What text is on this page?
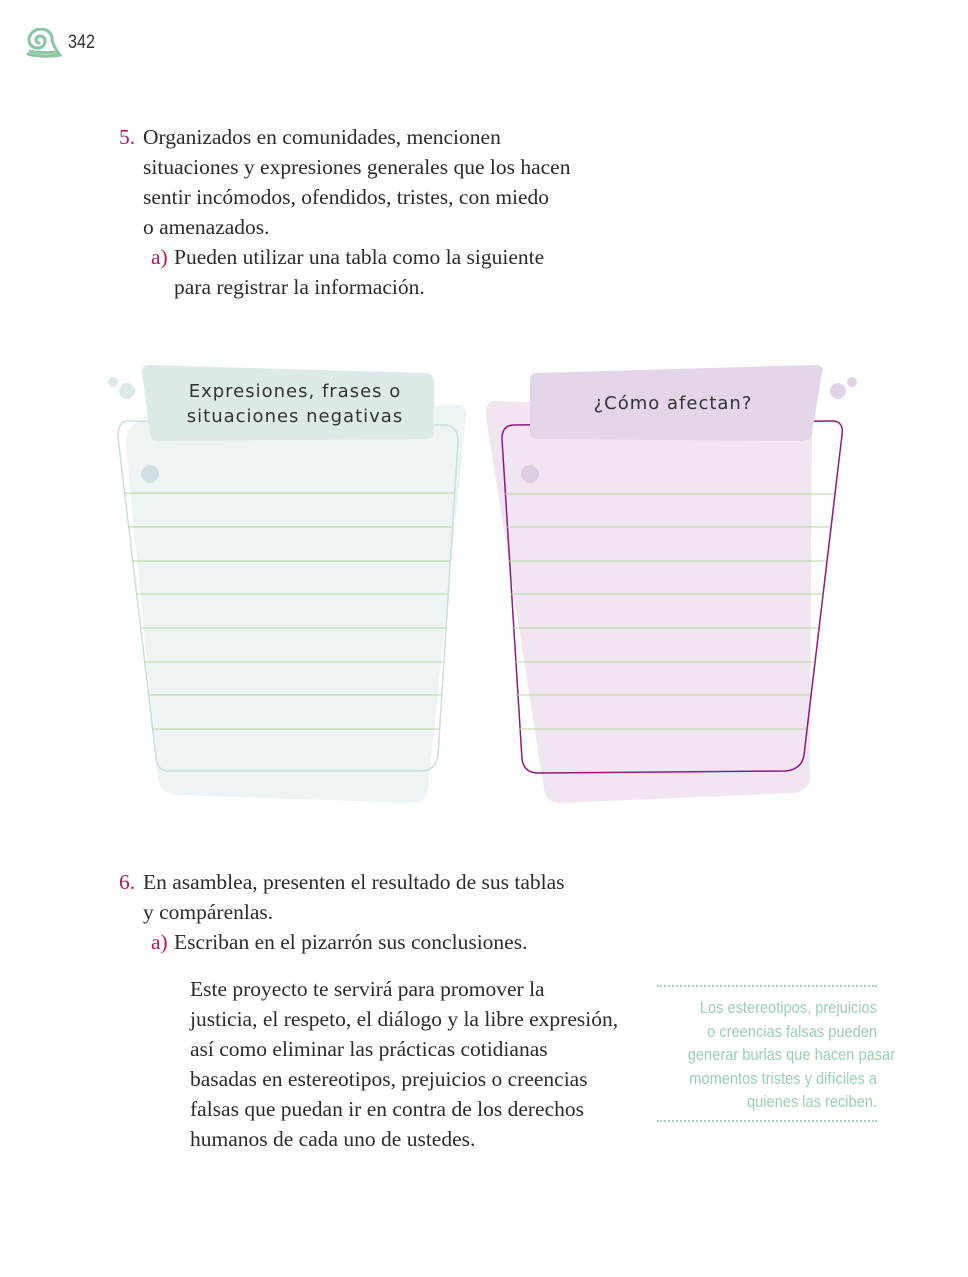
342
5. Organizados en comunidades, mencionen
situaciones y expresiones generales que los hacen
sentir incómodos, ofendidos, tristes, con miedo
o amenazados.
a) Pueden utilizar una tabla como la siguiente
para registrar la información.
Expresiones, frases o
situaciones negativas
¿Cómo afectan?
6. En asamblea, presenten el resultado de sus tablas
y compárenlas.
a) Escriban en el pizarrón sus conclusiones.
Este proyecto te servirá para promover la
justicia, el respeto, el diálogo y la libre expresión,
así como eliminar las prácticas cotidianas
basadas en estereotipos, prejuicios o creencias
falsas que puedan ir en contra de los derechos
humanos de cada uno de ustedes.
Los estereotipos, prejuicios
o creencias falsas pueden
generar burlas que hacen pasar
momentos tristes y difíciles a
quienes las reciben.
